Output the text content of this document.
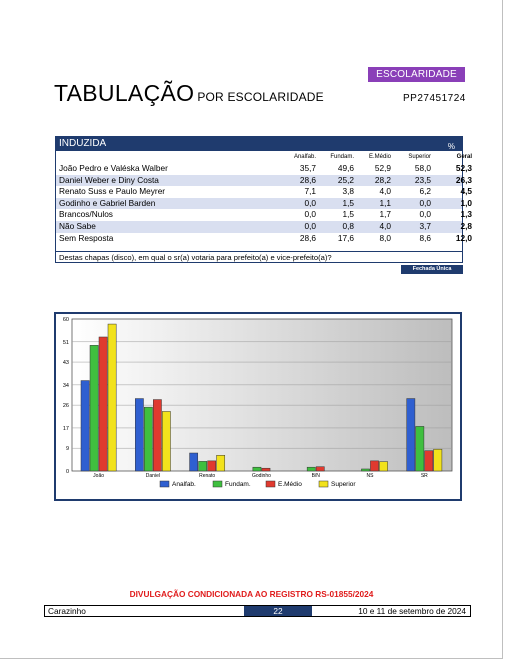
ESCOLARIDADE
TABULAÇÃO POR ESCOLARIDADE	PP27451724
INDUZIDA	%
Analfab.	Fundam.	E.Médio	Superior	Geral
João Pedro e Valéska Walber	35,7	49,6	52,9	58,0	52,3
Daniel Weber e Diny Costa	28,6	25,2	28,2	23,5	26,3
Renato Suss e Paulo Meyrer	7,1	3,8	4,0	6,2	4,5
Godinho e Gabriel Barden	0,0	1,5	1,1	0,0	1,0
Brancos/Nulos	0,0	1,5	1,7	0,0	1,3
Não Sabe	0,0	0,8	4,0	3,7	2,8
Sem Resposta	28,6	17,6	8,0	8,6	12,0
Destas chapas (disco), em qual o sr(a) votaria para prefeito(a) e vice-prefeito(a)?
Fechada Única
0
9
17
26
34
43
51
60
João	Daniel	Renato	Godinho	B/N	NS	SR
Analfab.	Fundam.	E.Médio	Superior
DIVULGAÇÃO CONDICIONADA AO REGISTRO RS-01855/2024
Carazinho	22	10 e 11 de setembro de 2024
